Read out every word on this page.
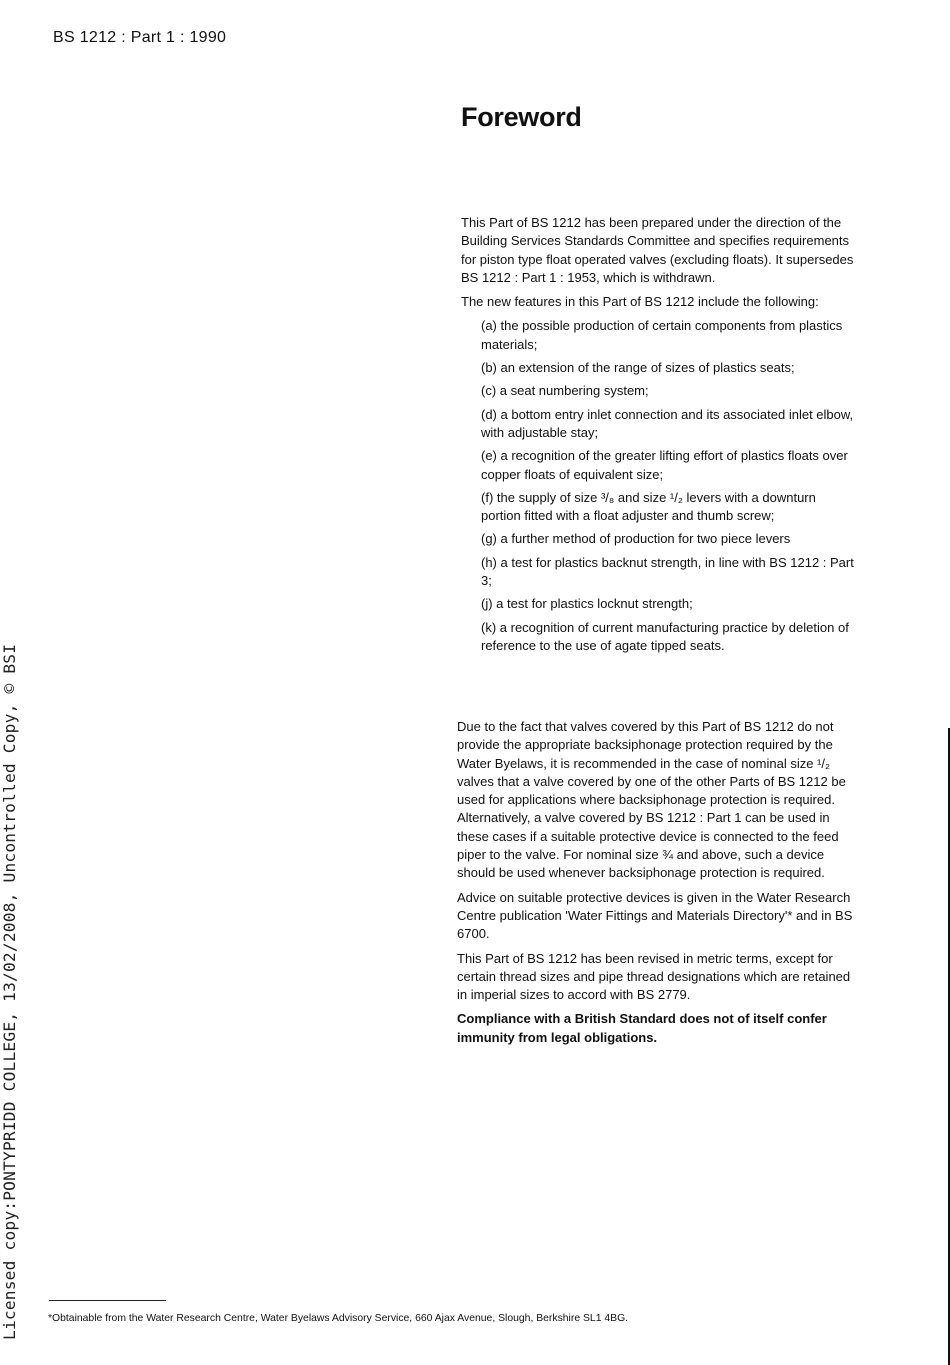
BS 1212 : Part 1 : 1990
Licensed copy:PONTYPRIDD COLLEGE, 13/02/2008, Uncontrolled Copy, © BSI
Foreword

This Part of BS 1212 has been prepared under the direction of the Building Services Standards Committee and specifies requirements for piston type float operated valves (excluding floats). It supersedes BS 1212 : Part 1 : 1953, which is withdrawn.

The new features in this Part of BS 1212 include the following:

(a) the possible production of certain components from plastics materials;
(b) an extension of the range of sizes of plastics seats;
(c) a seat numbering system;
(d) a bottom entry inlet connection and its associated inlet elbow, with adjustable stay;
(e) a recognition of the greater lifting effort of plastics floats over copper floats of equivalent size;
(f) the supply of size ³/₈ and size ¹/₂ levers with a downturn portion fitted with a float adjuster and thumb screw;
(g) a further method of production for two piece levers
(h) a test for plastics backnut strength, in line with BS 1212 : Part 3;
(j) a test for plastics locknut strength;
(k) a recognition of current manufacturing practice by deletion of reference to the use of agate tipped seats.

Due to the fact that valves covered by this Part of BS 1212 do not provide the appropriate backsiphonage protection required by the Water Byelaws, it is recommended in the case of nominal size ¹/₂ valves that a valve covered by one of the other Parts of BS 1212 be used for applications where backsiphonage protection is required. Alternatively, a valve covered by BS 1212 : Part 1 can be used in these cases if a suitable protective device is connected to the feed piper to the valve. For nominal size ¾ and above, such a device should be used whenever backsiphonage protection is required.

Advice on suitable protective devices is given in the Water Research Centre publication 'Water Fittings and Materials Directory'* and in BS 6700.

This Part of BS 1212 has been revised in metric terms, except for certain thread sizes and pipe thread designations which are retained in imperial sizes to accord with BS 2779.

Compliance with a British Standard does not of itself confer immunity from legal obligations.

*Obtainable from the Water Research Centre, Water Byelaws Advisory Service, 660 Ajax Avenue, Slough, Berkshire SL1 4BG.
